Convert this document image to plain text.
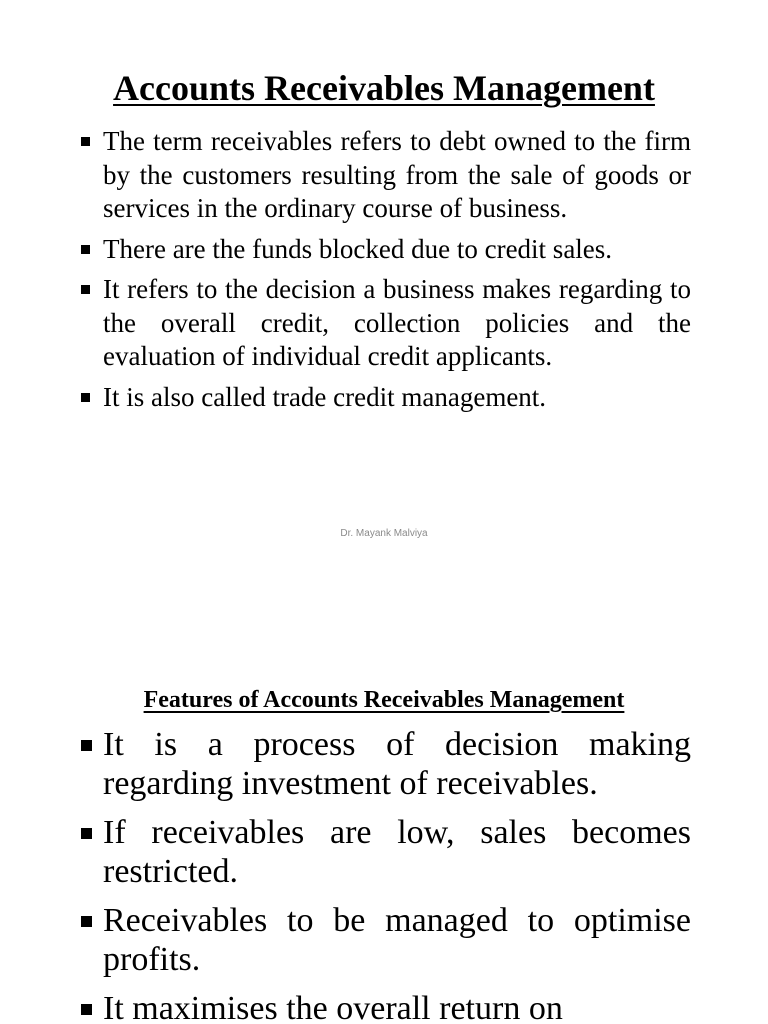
Accounts Receivables Management
The term receivables refers to debt owned to the firm by the customers resulting from the sale of goods or services in the ordinary course of business.
There are the funds blocked due to credit sales.
It refers to the decision a business makes regarding to the overall credit, collection policies and the evaluation of individual credit applicants.
It is also called trade credit management.
Dr. Mayank Malviya
Features of Accounts Receivables Management
It is a process of decision making regarding investment of receivables.
If receivables are low, sales becomes restricted.
Receivables to be managed to optimise profits.
It maximises the overall return on
